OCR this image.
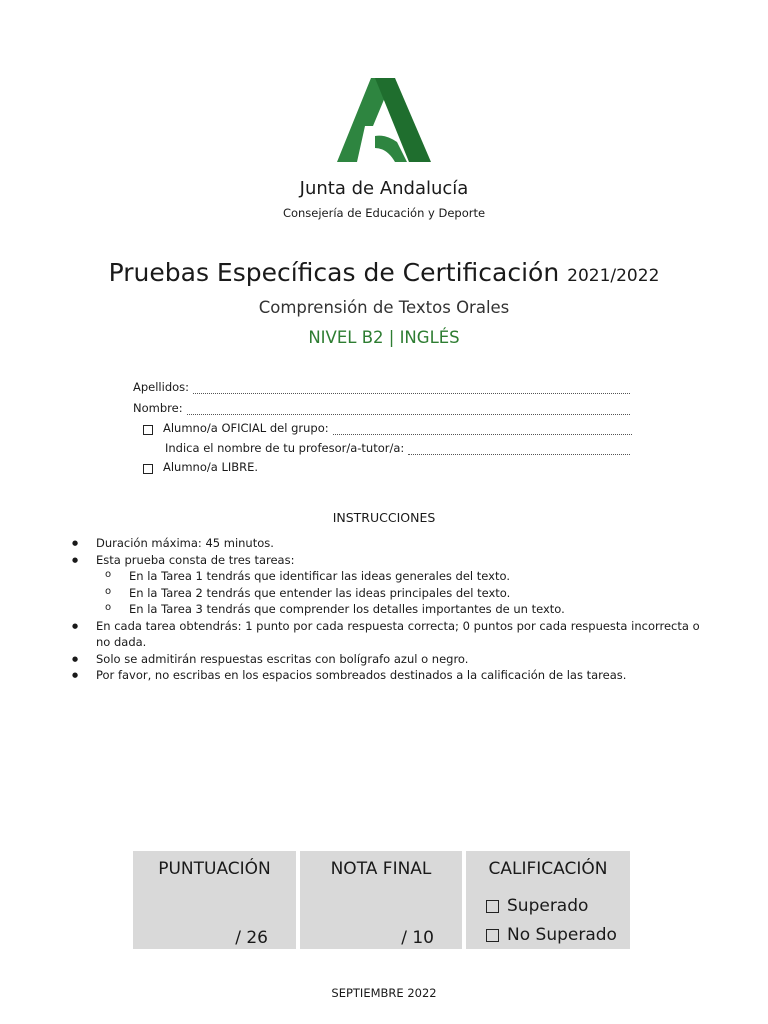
Junta de Andalucía
Consejería de Educación y Deporte
Pruebas Específicas de Certificación 2021/2022
Comprensión de Textos Orales
NIVEL B2 | INGLÉS
Apellidos:
Nombre:
Alumno/a OFICIAL del grupo:
Indica el nombre de tu profesor/a-tutor/a:
Alumno/a LIBRE.
INSTRUCCIONES
● Duración máxima: 45 minutos.
● Esta prueba consta de tres tareas:
o En la Tarea 1 tendrás que identificar las ideas generales del texto.
o En la Tarea 2 tendrás que entender las ideas principales del texto.
o En la Tarea 3 tendrás que comprender los detalles importantes de un texto.
● En cada tarea obtendrás: 1 punto por cada respuesta correcta; 0 puntos por cada respuesta incorrecta o no dada.
● Solo se admitirán respuestas escritas con bolígrafo azul o negro.
● Por favor, no escribas en los espacios sombreados destinados a la calificación de las tareas.
PUNTUACIÓN
/ 26
NOTA FINAL
/ 10
CALIFICACIÓN
Superado
No Superado
SEPTIEMBRE 2022
